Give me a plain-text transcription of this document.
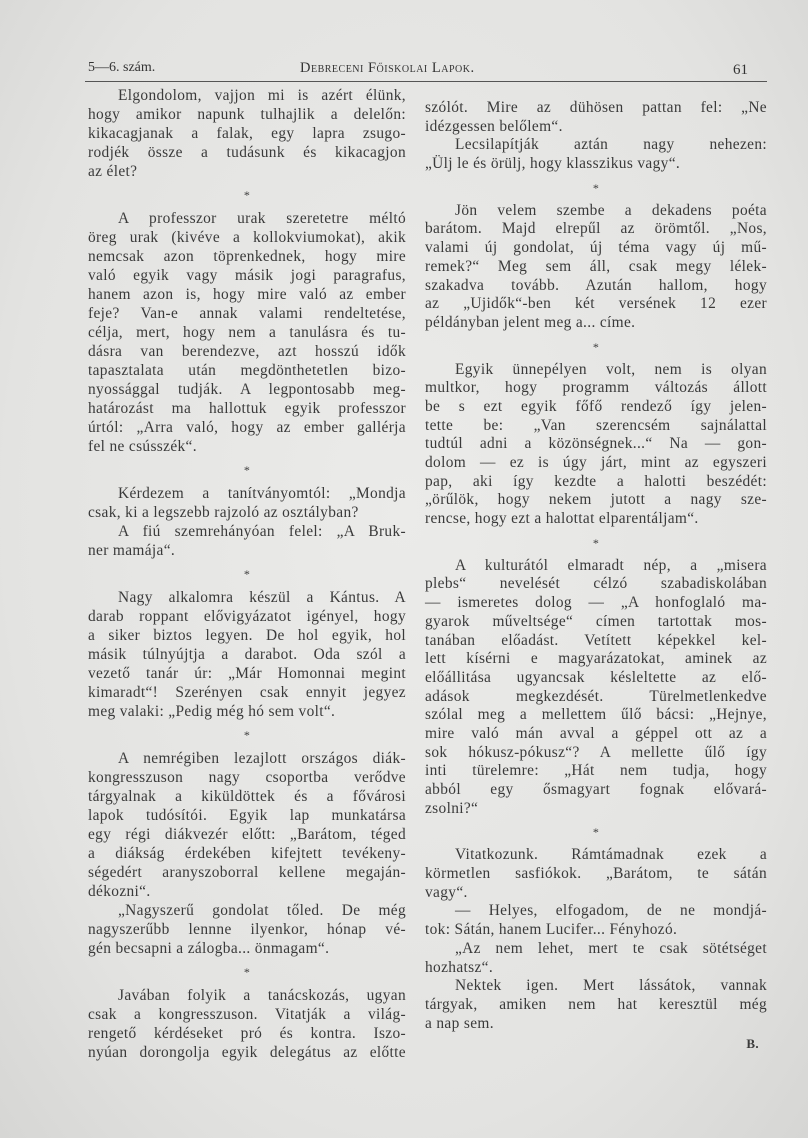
5—6. szám.	Debreceni Főiskolai Lapok.	61
Elgondolom, vajjon mi is azért élünk,
hogy amikor napunk tulhajlik a delelőn:
kikacagjanak a falak, egy lapra zsugo-
rodjék össze a tudásunk és kikacagjon
az élet?
*
A professzor urak szeretetre méltó
öreg urak (kivéve a kollokviumokat), akik
nemcsak azon töprenkednek, hogy mire
való egyik vagy másik jogi paragrafus,
hanem azon is, hogy mire való az ember
feje? Van-e annak valami rendeltetése,
célja, mert, hogy nem a tanulásra és tu-
dásra van berendezve, azt hosszú idők
tapasztalata után megdönthetetlen bizo-
nyossággal tudják. A legpontosabb meg-
határozást ma hallottuk egyik professzor
úrtól: „Arra való, hogy az ember gallérja
fel ne csússzék“.
*
Kérdezem a tanítványomtól: „Mondja
csak, ki a legszebb rajzoló az osztályban?
A fiú szemrehányóan felel: „A Bruk-
ner mamája“.
*
Nagy alkalomra készül a Kántus. A
darab roppant elővigyázatot igényel, hogy
a siker biztos legyen. De hol egyik, hol
másik túlnyújtja a darabot. Oda szól a
vezető tanár úr: „Már Homonnai megint
kimaradt“! Szerényen csak ennyit jegyez
meg valaki: „Pedig még hó sem volt“.
*
A nemrégiben lezajlott országos diák-
kongresszuson nagy csoportba verődve
tárgyalnak a kiküldöttek és a fővárosi
lapok tudósítói. Egyik lap munkatársa
egy régi diákvezér előtt: „Barátom, téged
a diákság érdekében kifejtett tevékeny-
ségedért aranyszoborral kellene megaján-
dékozni“.
„Nagyszerű gondolat tőled. De még
nagyszerűbb lennne ilyenkor, hónap vé-
gén becsapni a zálogba... önmagam“.
*
Javában folyik a tanácskozás, ugyan
csak a kongresszuson. Vitatják a világ-
rengető kérdéseket pró és kontra. Iszo-
nyúan dorongolja egyik delegátus az előtte
szólót. Mire az dühösen pattan fel: „Ne
idézgessen belőlem“.
Lecsilapítják aztán nagy nehezen:
„Ülj le és örülj, hogy klasszikus vagy“.
*
Jön velem szembe a dekadens poéta
barátom. Majd elrepűl az örömtől. „Nos,
valami új gondolat, új téma vagy új mű-
remek?“ Meg sem áll, csak megy lélek-
szakadva tovább. Azután hallom, hogy
az „Ujidők“-ben két versének 12 ezer
példányban jelent meg a... címe.
*
Egyik ünnepélyen volt, nem is olyan
multkor, hogy programm változás állott
be s ezt egyik főfő rendező így jelen-
tette be: „Van szerencsém sajnálattal
tudtúl adni a közönségnek...“ Na — gon-
dolom — ez is úgy járt, mint az egyszeri
pap, aki így kezdte a halotti beszédét:
„örűlök, hogy nekem jutott a nagy sze-
rencse, hogy ezt a halottat elparentáljam“.
*
A kulturától elmaradt nép, a „misera
plebs“ nevelését célzó szabadiskolában
— ismeretes dolog — „A honfoglaló ma-
gyarok műveltsége“ címen tartottak mos-
tanában előadást. Vetített képekkel kel-
lett kísérni e magyarázatokat, aminek az
előállitása ugyancsak késleltette az elő-
adások megkezdését. Türelmetlenkedve
szólal meg a mellettem űlő bácsi: „Hejnye,
mire való mán avval a géppel ott az a
sok hókusz-pókusz“? A mellette űlő így
inti türelemre: „Hát nem tudja, hogy
abból egy ősmagyart fognak elővará-
zsolni?“
*
Vitatkozunk. Rámtámadnak ezek a
körmetlen sasfiókok. „Barátom, te sátán
vagy“.
— Helyes, elfogadom, de ne mondjá-
tok: Sátán, hanem Lucifer... Fényhozó.
„Az nem lehet, mert te csak sötétséget
hozhatsz“.
Nektek igen. Mert lássátok, vannak
tárgyak, amiken nem hat keresztül még
a nap sem.
B.
